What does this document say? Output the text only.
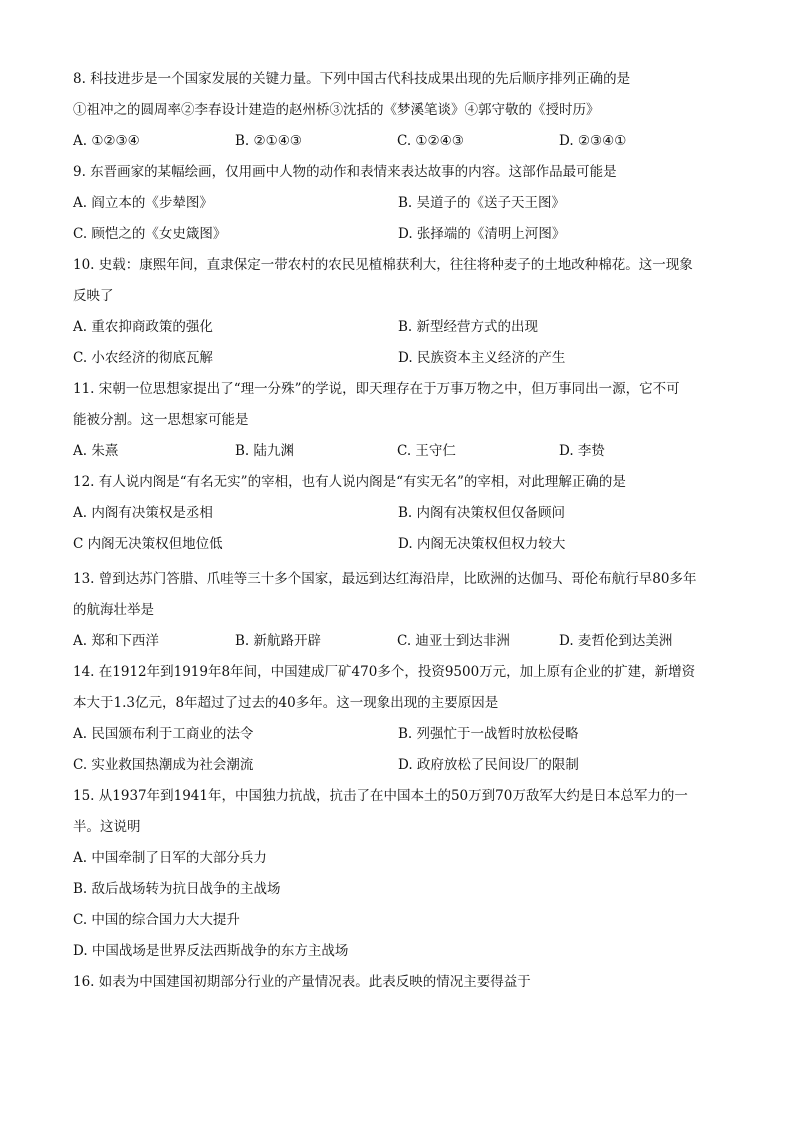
8. 科技进步是一个国家发展的关键力量。下列中国古代科技成果出现的先后顺序排列正确的是
①祖冲之的圆周率②李春设计建造的赵州桥③沈括的《梦溪笔谈》④郭守敬的《授时历》
A. ①②③④	B. ②①④③	C. ①②④③	D. ②③④①
9. 东晋画家的某幅绘画，仅用画中人物的动作和表情来表达故事的内容。这部作品最可能是
A. 阎立本的《步辇图》	B. 吴道子的《送子天王图》
C. 顾恺之的《女史箴图》	D. 张择端的《清明上河图》
10. 史载：康熙年间，直隶保定一带农村的农民见植棉获利大，往往将种麦子的土地改种棉花。这一现象
反映了
A. 重农抑商政策的强化	B. 新型经营方式的出现
C. 小农经济的彻底瓦解	D. 民族资本主义经济的产生
11. 宋朝一位思想家提出了“理一分殊”的学说，即天理存在于万事万物之中，但万事同出一源，它不可
能被分割。这一思想家可能是
A. 朱熹	B. 陆九渊	C. 王守仁	D. 李贽
12. 有人说内阁是“有名无实”的宰相，也有人说内阁是“有实无名”的宰相，对此理解正确的是
A. 内阁有决策权是丞相	B. 内阁有决策权但仅备顾问
C 内阁无决策权但地位低	D. 内阁无决策权但权力较大
13. 曾到达苏门答腊、爪哇等三十多个国家，最远到达红海沿岸，比欧洲的达伽马、哥伦布航行早80多年
的航海壮举是
A. 郑和下西洋	B. 新航路开辟	C. 迪亚士到达非洲	D. 麦哲伦到达美洲
14. 在1912年到1919年8年间，中国建成厂矿470多个，投资9500万元，加上原有企业的扩建，新增资
本大于1.3亿元，8年超过了过去的40多年。这一现象出现的主要原因是
A. 民国颁布利于工商业的法令	B. 列强忙于一战暂时放松侵略
C. 实业救国热潮成为社会潮流	D. 政府放松了民间设厂的限制
15. 从1937年到1941年，中国独力抗战，抗击了在中国本土的50万到70万敌军大约是日本总军力的一
半。这说明
A. 中国牵制了日军的大部分兵力
B. 敌后战场转为抗日战争的主战场
C. 中国的综合国力大大提升
D. 中国战场是世界反法西斯战争的东方主战场
16. 如表为中国建国初期部分行业的产量情况表。此表反映的情况主要得益于
